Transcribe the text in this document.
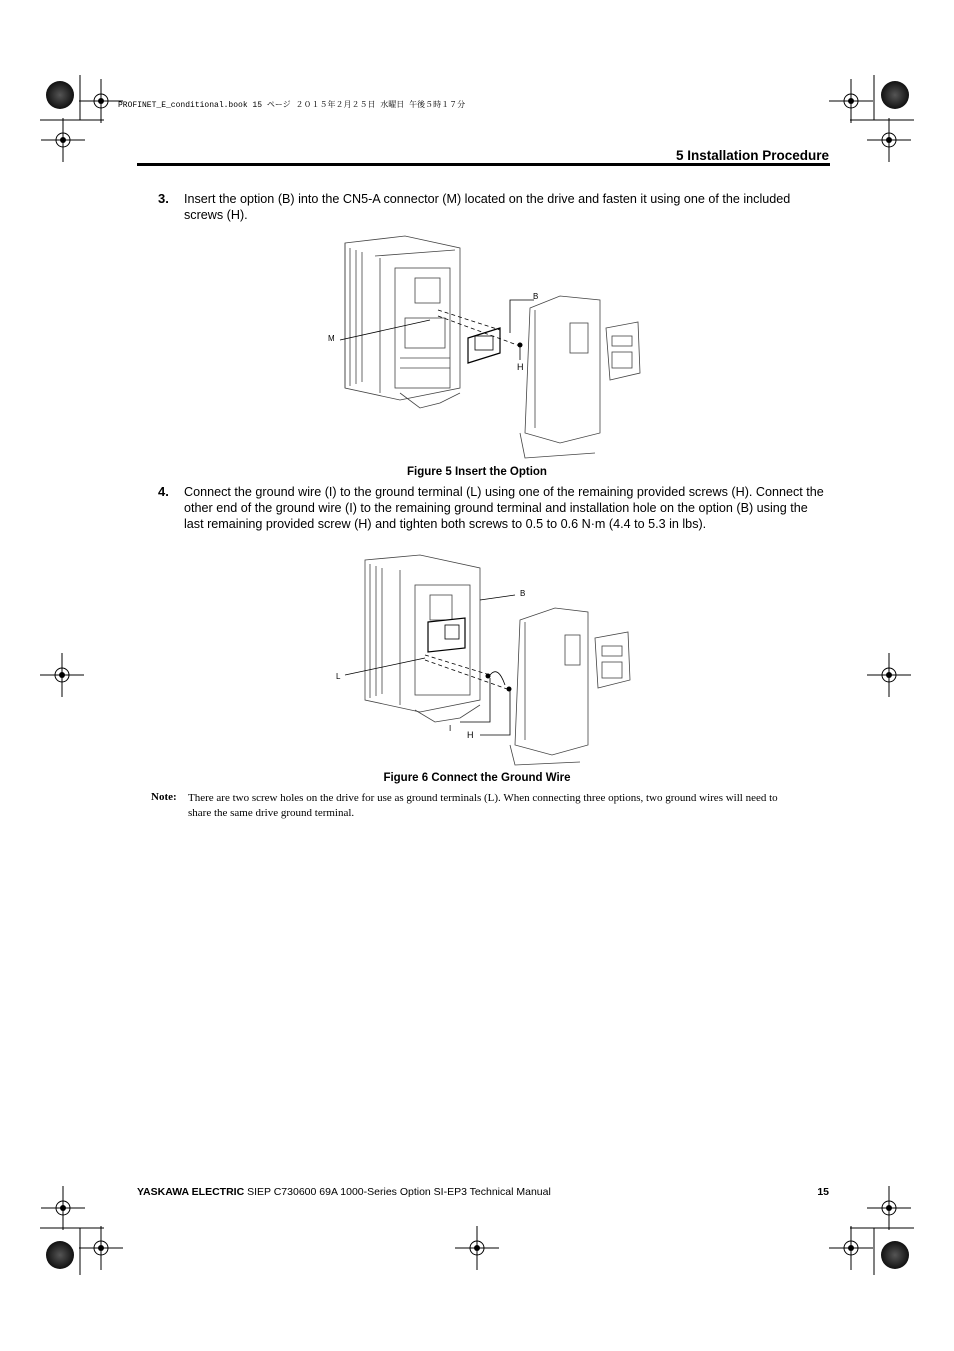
PROFINET_E_conditional.book 15 ページ ２０１５年２月２５日 水曜日 午後５時１７分
5 Installation Procedure
3. Insert the option (B) into the CN5-A connector (M) located on the drive and fasten it using one of the included screws (H).
B
M
H
Figure 5 Insert the Option
4. Connect the ground wire (I) to the ground terminal (L) using one of the remaining provided screws (H). Connect the other end of the ground wire (I) to the remaining ground terminal and installation hole on the option (B) using the last remaining provided screw (H) and tighten both screws to 0.5 to 0.6 N·m (4.4 to 5.3 in lbs).
B
L
I
H
Figure 6 Connect the Ground Wire
Note: There are two screw holes on the drive for use as ground terminals (L). When connecting three options, two ground wires will need to share the same drive ground terminal.
YASKAWA ELECTRIC SIEP C730600 69A 1000-Series Option SI-EP3 Technical Manual	15
